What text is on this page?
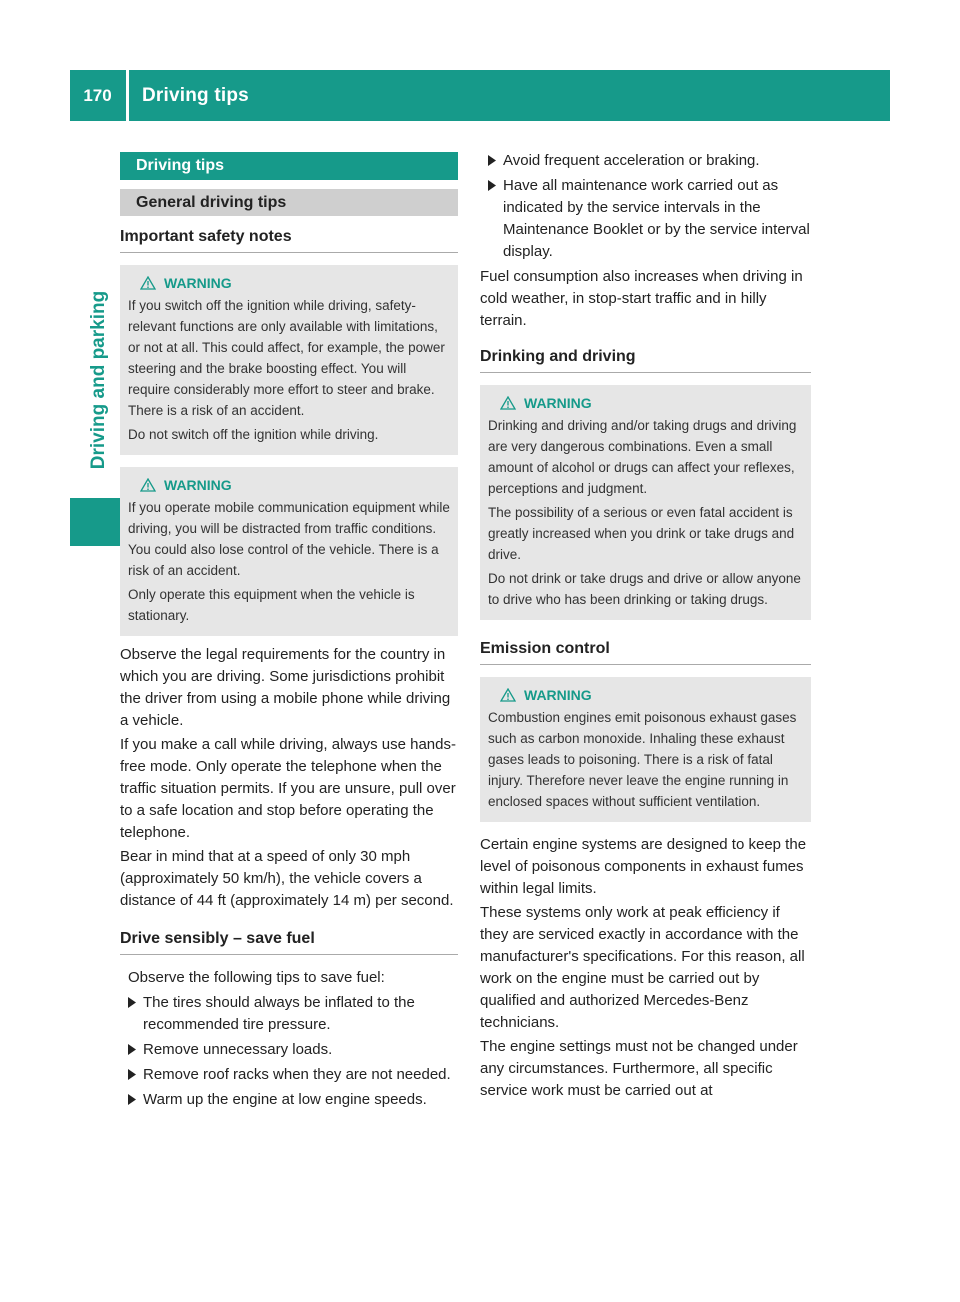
170	Driving tips
Driving and parking
Driving tips
General driving tips
Important safety notes
WARNING

If you switch off the ignition while driving, safety-relevant functions are only available with limitations, or not at all. This could affect, for example, the power steering and the brake boosting effect. You will require considerably more effort to steer and brake. There is a risk of an accident.

Do not switch off the ignition while driving.

WARNING

If you operate mobile communication equipment while driving, you will be distracted from traffic conditions. You could also lose control of the vehicle. There is a risk of an accident.

Only operate this equipment when the vehicle is stationary.

Observe the legal requirements for the country in which you are driving. Some jurisdictions prohibit the driver from using a mobile phone while driving a vehicle.

If you make a call while driving, always use hands-free mode. Only operate the telephone when the traffic situation permits. If you are unsure, pull over to a safe location and stop before operating the telephone.

Bear in mind that at a speed of only 30 mph (approximately 50 km/h), the vehicle covers a distance of 44 ft (approximately 14 m) per second.

Drive sensibly – save fuel

Observe the following tips to save fuel:

The tires should always be inflated to the recommended tire pressure.
Remove unnecessary loads.
Remove roof racks when they are not needed.
Warm up the engine at low engine speeds.
Avoid frequent acceleration or braking.
Have all maintenance work carried out as indicated by the service intervals in the Maintenance Booklet or by the service interval display.

Fuel consumption also increases when driving in cold weather, in stop-start traffic and in hilly terrain.

Drinking and driving
WARNING

Drinking and driving and/or taking drugs and driving are very dangerous combinations. Even a small amount of alcohol or drugs can affect your reflexes, perceptions and judgment.

The possibility of a serious or even fatal accident is greatly increased when you drink or take drugs and drive.

Do not drink or take drugs and drive or allow anyone to drive who has been drinking or taking drugs.

Emission control
WARNING

Combustion engines emit poisonous exhaust gases such as carbon monoxide. Inhaling these exhaust gases leads to poisoning. There is a risk of fatal injury. Therefore never leave the engine running in enclosed spaces without sufficient ventilation.

Certain engine systems are designed to keep the level of poisonous components in exhaust fumes within legal limits.

These systems only work at peak efficiency if they are serviced exactly in accordance with the manufacturer's specifications. For this reason, all work on the engine must be carried out by qualified and authorized Mercedes-Benz technicians.

The engine settings must not be changed under any circumstances. Furthermore, all specific service work must be carried out at
